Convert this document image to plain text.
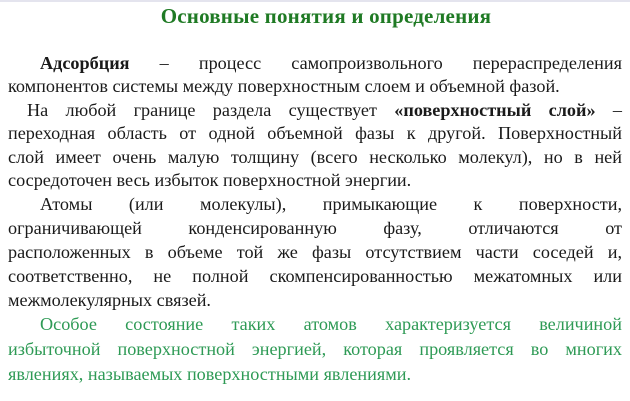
Основные понятия и определения
Адсорбция – процесс самопроизвольного перераспределения
компонентов системы между поверхностным слоем и объемной фазой.
На любой границе раздела существует «поверхностный слой» –
переходная область от одной объемной фазы к другой. Поверхностный
слой имеет очень малую толщину (всего несколько молекул), но в ней
сосредоточен весь избыток поверхностной энергии.
Атомы (или молекулы), примыкающие к поверхности,
ограничивающей конденсированную фазу, отличаются от
расположенных в объеме той же фазы отсутствием части соседей и,
соответственно, не полной скомпенсированностью межатомных или
межмолекулярных связей.
Особое состояние таких атомов характеризуется величиной
избыточной поверхностной энергией, которая проявляется во многих
явлениях, называемых поверхностными явлениями.
